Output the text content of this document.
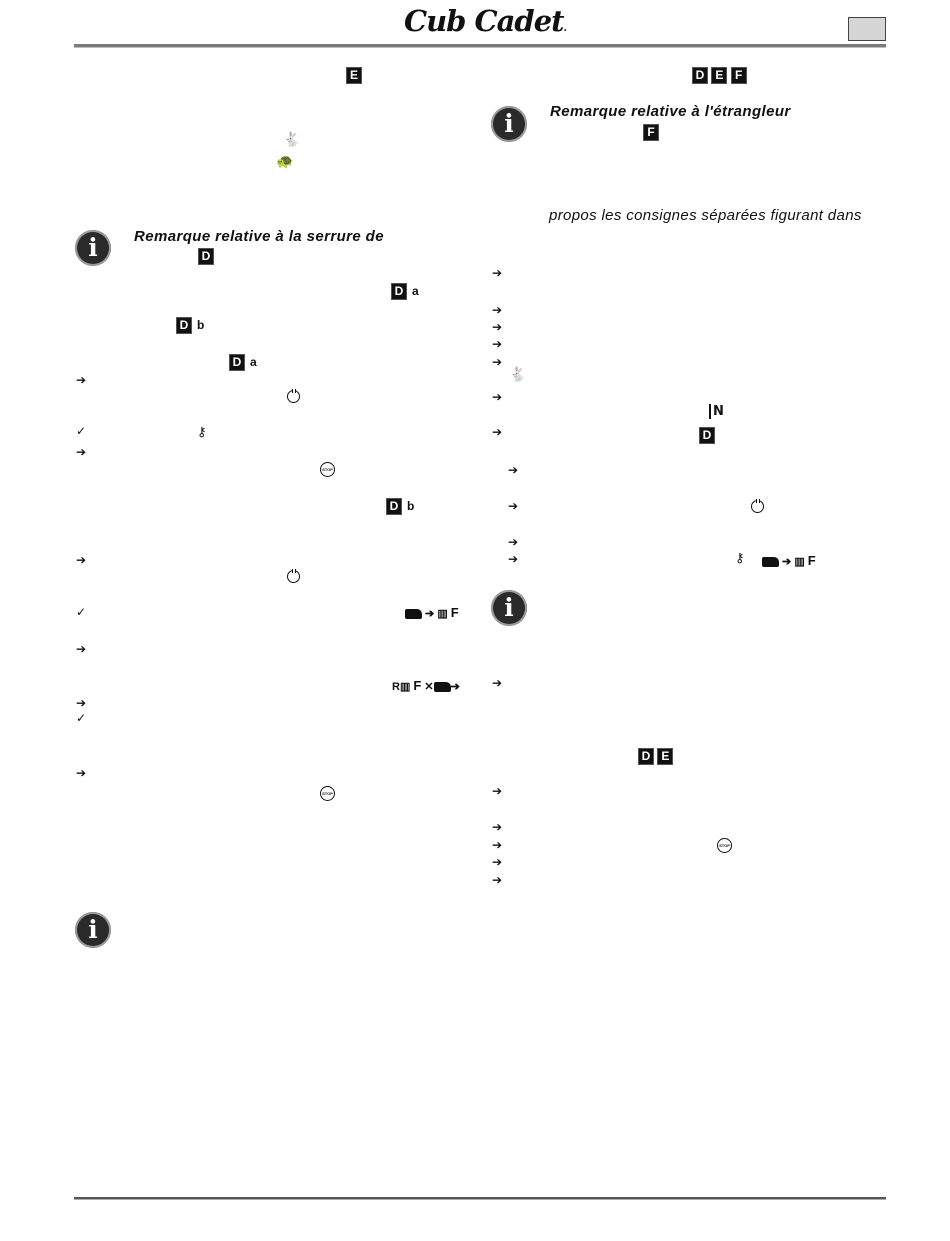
Cub Cadet.
E
🐇
🐢
i	Remarque relative à la serrure de
D
D a
D b
D a
➔
✓	⚷
➔
STOP
D b
➔
✓	➔ ▥ F
➔
R▥ F ✕ ➔
➔
✓
➔
STOP
i
D E F
i	Remarque relative à l'étrangleur
F
propos les consignes séparées figurant dans
➔
➔
➔
➔
➔
🐇
➔
N
➔	D
➔
➔
➔
➔	⚷	➔ ▥ F
i
➔
D E
➔
➔
➔	STOP
➔
➔
